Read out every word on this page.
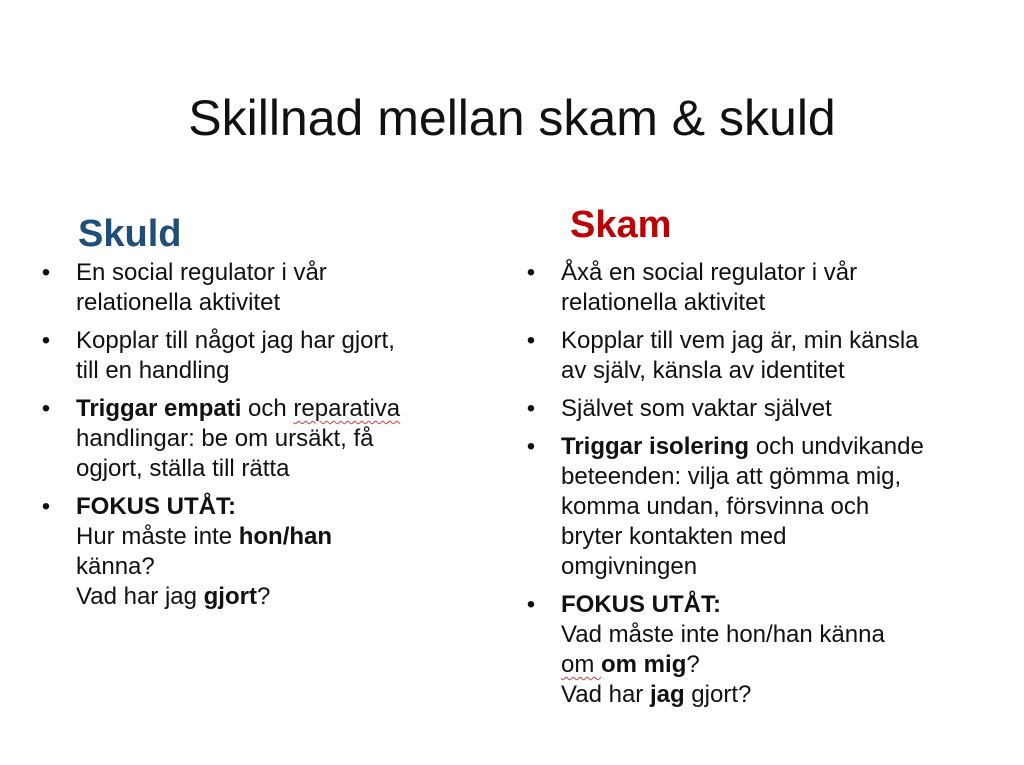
Skillnad mellan skam & skuld
Skuld	Skam
• En social regulator i vår
relationella aktivitet
• Kopplar till något jag har gjort,
till en handling
• Triggar empati och reparativa
handlingar: be om ursäkt, få
ogjort, ställa till rätta
• FOKUS UTÅT:
Hur måste inte hon/han
känna?
Vad har jag gjort?
• Åxå en social regulator i vår
relationella aktivitet
• Kopplar till vem jag är, min känsla
av själv, känsla av identitet
• Självet som vaktar självet
• Triggar isolering och undvikande
beteenden: vilja att gömma mig,
komma undan, försvinna och
bryter kontakten med
omgivningen
• FOKUS UTÅT:
Vad måste inte hon/han känna
om om mig?
Vad har jag gjort?
